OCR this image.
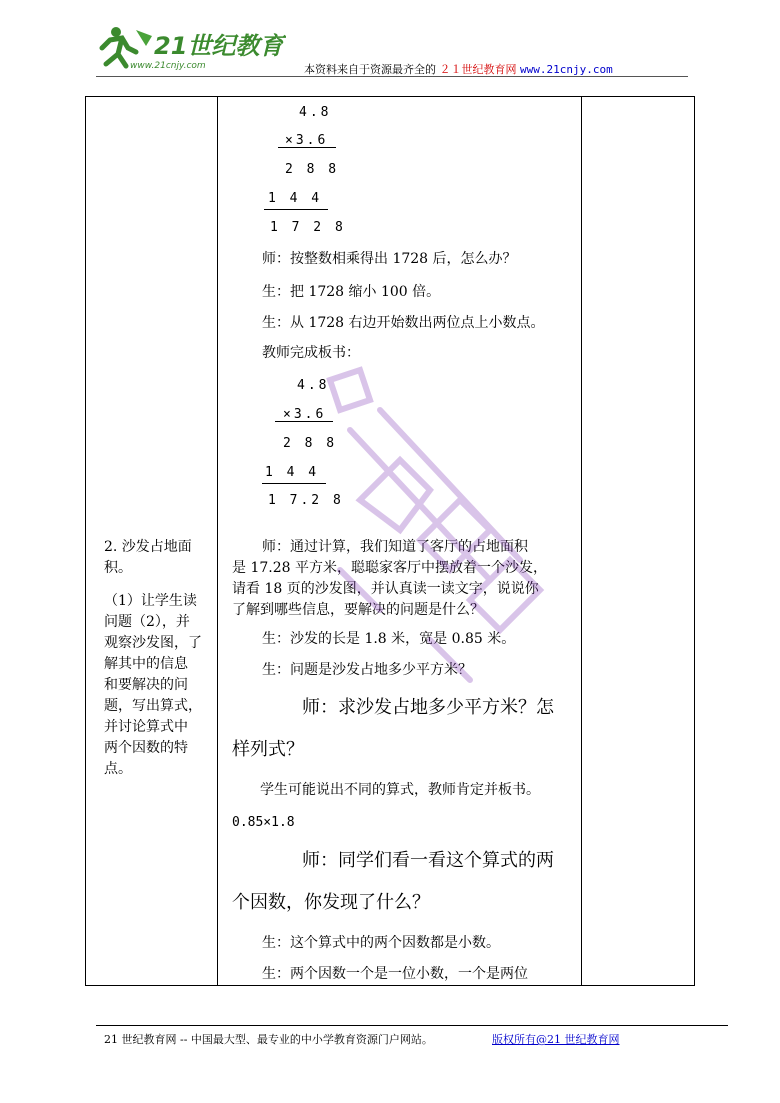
21世纪教育
www.21cnjy.com	本资料来自于资源最齐全的 ２１世纪教育网 www.21cnjy.com
4.8
×3.6
2 8 8
1 4 4
1 7 2 8
师：按整数相乘得出 1728 后，怎么办？
生：把 1728 缩小 100 倍。
生：从 1728 右边开始数出两位点上小数点。
教师完成板书：
4.8
×3.6
2 8 8
1 4 4
1 7.2 8
2. 沙发占地面
积。
（1）让学生读
问题（2），并
观察沙发图，了
解其中的信息
和要解决的问
题，写出算式，
并讨论算式中
两个因数的特
点。
师：通过计算，我们知道了客厅的占地面积
是 17.28 平方米，聪聪家客厅中摆放着一个沙发，
请看 18 页的沙发图，并认真读一读文字，说说你
了解到哪些信息，要解决的问题是什么？
生：沙发的长是 1.8 米，宽是 0.85 米。
生：问题是沙发占地多少平方米？
师：求沙发占地多少平方米？怎
样列式？
学生可能说出不同的算式，教师肯定并板书。
0.85×1.8
师：同学们看一看这个算式的两
个因数，你发现了什么？
生：这个算式中的两个因数都是小数。
生：两个因数一个是一位小数，一个是两位
21 世纪教育网 -- 中国最大型、最专业的中小学教育资源门户网站。	版权所有@21 世纪教育网
